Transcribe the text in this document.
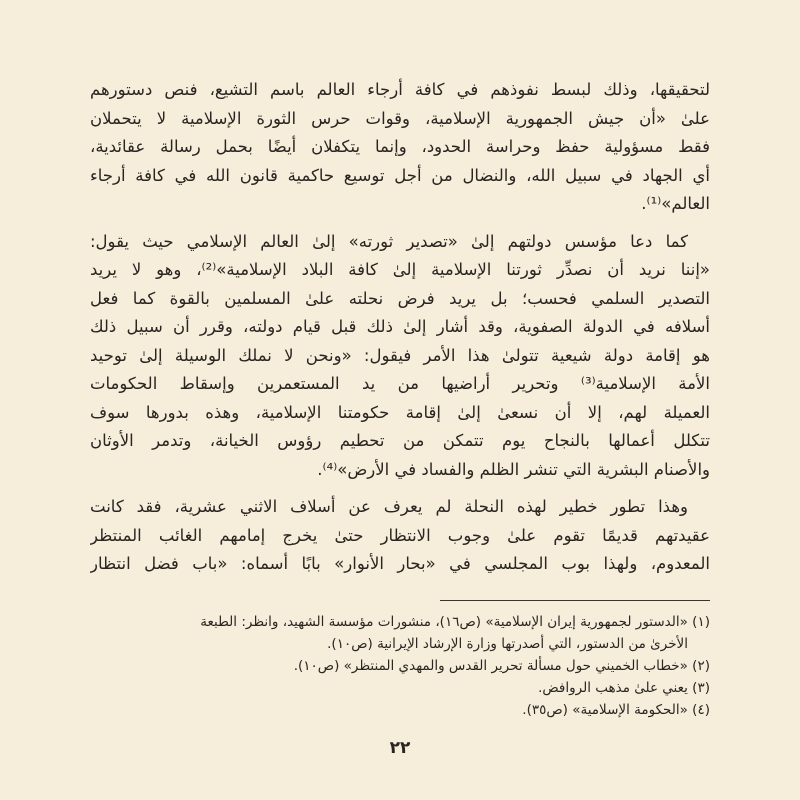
لتحقيقها، وذلك لبسط نفوذهم في كافة أرجاء العالم باسم التشيع، فنص دستورهم
علىٰ «أن جيش الجمهورية الإسلامية، وقوات حرس الثورة الإسلامية لا يتحملان
فقط مسؤولية حفظ وحراسة الحدود، وإنما يتكفلان أيضًا بحمل رسالة عقائدية،
أي الجهاد في سبيل الله، والنضال من أجل توسيع حاكمية قانون الله في كافة أرجاء
العالم»⁽¹⁾.
كما دعا مؤسس دولتهم إلىٰ «تصدير ثورته» إلىٰ العالم الإسلامي حيث يقول:
«إننا نريد أن نصدِّر ثورتنا الإسلامية إلىٰ كافة البلاد الإسلامية»⁽²⁾، وهو لا يريد
التصدير السلمي فحسب؛ بل يريد فرض نحلته علىٰ المسلمين بالقوة كما فعل
أسلافه في الدولة الصفوية، وقد أشار إلىٰ ذلك قبل قيام دولته، وقرر أن سبيل ذلك
هو إقامة دولة شيعية تتولىٰ هذا الأمر فيقول: «ونحن لا نملك الوسيلة إلىٰ توحيد
الأمة الإسلامية⁽³⁾ وتحرير أراضيها من يد المستعمرين وإسقاط الحكومات
العميلة لهم، إلا أن نسعىٰ إلىٰ إقامة حكومتنا الإسلامية، وهذه بدورها سوف
تتكلل أعمالها بالنجاح يوم تتمكن من تحطيم رؤوس الخيانة، وتدمر الأوثان
والأصنام البشرية التي تنشر الظلم والفساد في الأرض»⁽⁴⁾.
وهذا تطور خطير لهذه النحلة لم يعرف عن أسلاف الاثني عشرية، فقد كانت
عقيدتهم قديمًا تقوم علىٰ وجوب الانتظار حتىٰ يخرج إمامهم الغائب المنتظر
المعدوم، ولهذا بوب المجلسي في «بحار الأنوار» بابًا أسماه: «باب فضل انتظار
(١) «الدستور لجمهورية إيران الإسلامية» (ص١٦)، منشورات مؤسسة الشهيد، وانظر: الطبعة
الأخرىٰ من الدستور، التي أصدرتها وزارة الإرشاد الإيرانية (ص١٠).
(٢) «خطاب الخميني حول مسألة تحرير القدس والمهدي المنتظر» (ص١٠).
(٣) يعني علىٰ مذهب الروافض.
(٤) «الحكومة الإسلامية» (ص٣٥).
٢٢
